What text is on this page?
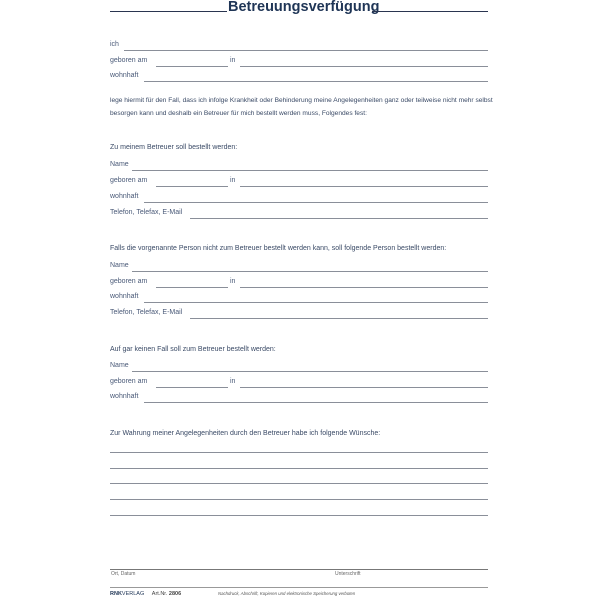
Betreuungsverfügung
ich
geboren am	in
wohnhaft
lege hiermit für den Fall, dass ich infolge Krankheit oder Behinderung meine Angelegenheiten ganz oder teilweise nicht mehr selbst besorgen kann und deshalb ein Betreuer für mich bestellt werden muss, Folgendes fest:
Zu meinem Betreuer soll bestellt werden:
Name
geboren am	in
wohnhaft
Telefon, Telefax, E-Mail
Falls die vorgenannte Person nicht zum Betreuer bestellt werden kann, soll folgende Person bestellt werden:
Name
geboren am	in
wohnhaft
Telefon, Telefax, E-Mail
Auf gar keinen Fall soll zum Betreuer bestellt werden:
Name
geboren am	in
wohnhaft
Zur Wahrung meiner Angelegenheiten durch den Betreuer habe ich folgende Wünsche:
Ort, Datum	Unterschrift
RNKVERLAG Art.Nr. 2806	Nachdruck, Abschrift, Kopieren und elektronische Speicherung verboten
